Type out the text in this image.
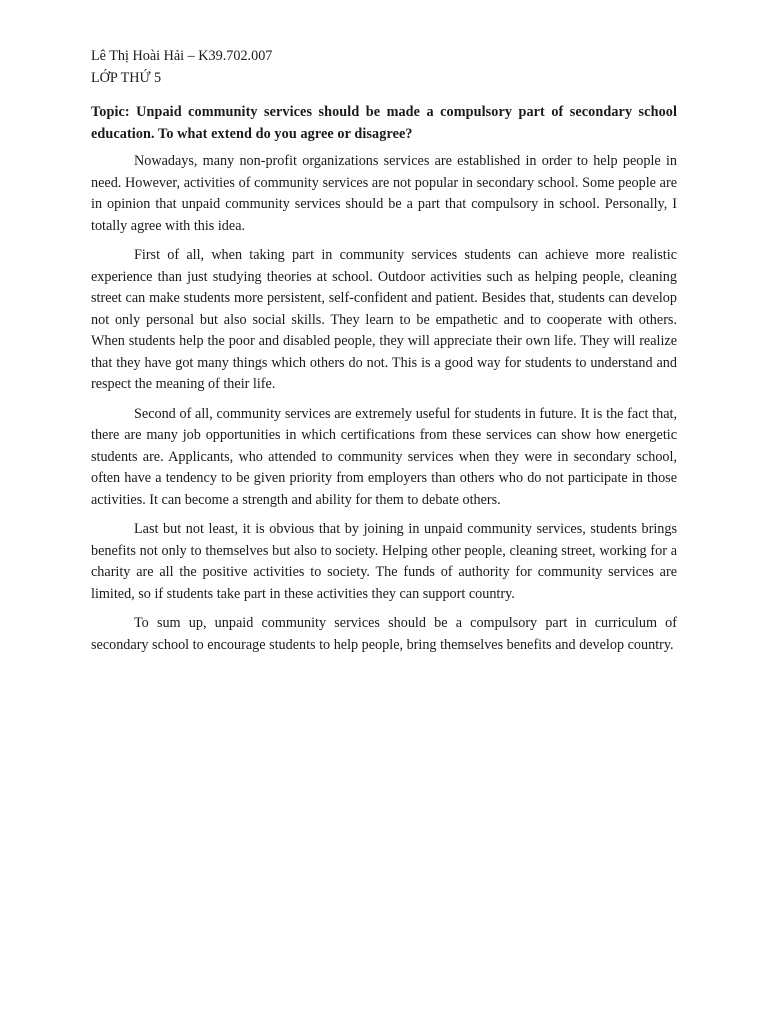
Lê Thị Hoài Hải – K39.702.007

LỚP THỨ 5

Topic: Unpaid community services should be made a compulsory part of secondary school education. To what extend do you agree or disagree?

Nowadays, many non-profit organizations services are established in order to help people in need. However, activities of community services are not popular in secondary school. Some people are in opinion that unpaid community services should be a part that compulsory in school. Personally, I totally agree with this idea.

First of all, when taking part in community services students can achieve more realistic experience than just studying theories at school. Outdoor activities such as helping people, cleaning street can make students more persistent, self-confident and patient. Besides that, students can develop not only personal but also social skills. They learn to be empathetic and to cooperate with others. When students help the poor and disabled people, they will appreciate their own life. They will realize that they have got many things which others do not. This is a good way for students to understand and respect the meaning of their life.

Second of all, community services are extremely useful for students in future. It is the fact that, there are many job opportunities in which certifications from these services can show how energetic students are. Applicants, who attended to community services when they were in secondary school, often have a tendency to be given priority from employers than others who do not participate in those activities. It can become a strength and ability for them to debate others.

Last but not least, it is obvious that by joining in unpaid community services, students brings benefits not only to themselves but also to society. Helping other people, cleaning street, working for a charity are all the positive activities to society. The funds of authority for community services are limited, so if students take part in these activities they can support country.

To sum up, unpaid community services should be a compulsory part in curriculum of secondary school to encourage students to help people, bring themselves benefits and develop country.
